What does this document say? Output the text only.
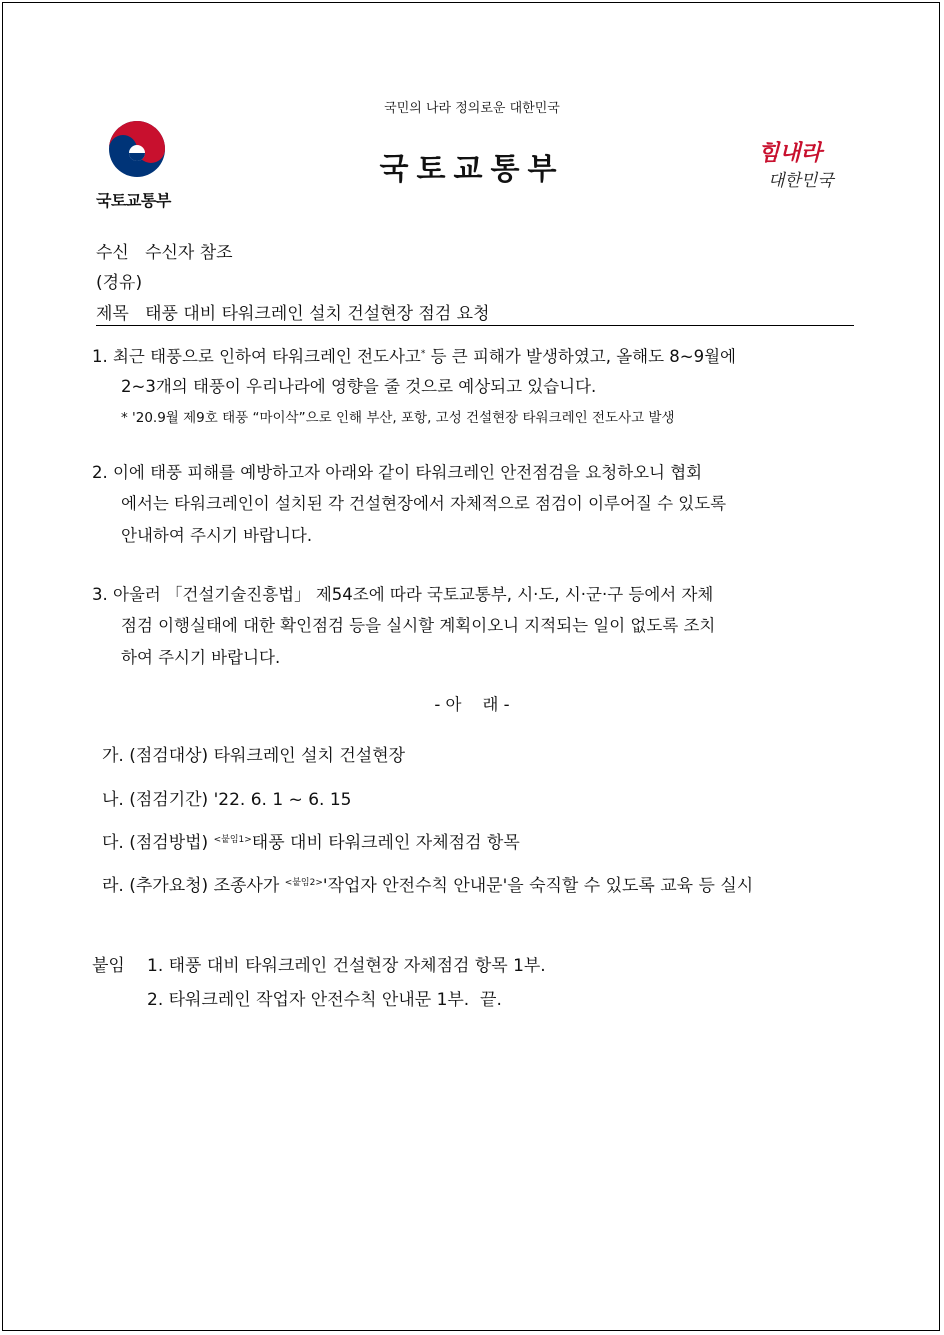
국민의 나라 정의로운 대한민국
국토교통부
국토교통부
힘내라
대한민국
수신 수신자 참조
(경유)
제목 태풍 대비 타워크레인 설치 건설현장 점검 요청
1. 최근 태풍으로 인하여 타워크레인 전도사고* 등 큰 피해가 발생하였고, 올해도 8~9월에
2~3개의 태풍이 우리나라에 영향을 줄 것으로 예상되고 있습니다.
* '20.9월 제9호 태풍 “마이삭”으로 인해 부산, 포항, 고성 건설현장 타워크레인 전도사고 발생
2. 이에 태풍 피해를 예방하고자 아래와 같이 타워크레인 안전점검을 요청하오니 협회
에서는 타워크레인이 설치된 각 건설현장에서 자체적으로 점검이 이루어질 수 있도록
안내하여 주시기 바랍니다.
3. 아울러 「건설기술진흥법」 제54조에 따라 국토교통부, 시·도, 시·군·구 등에서 자체
점검 이행실태에 대한 확인점검 등을 실시할 계획이오니 지적되는 일이 없도록 조치
하여 주시기 바랍니다.
- 아    래 -
가. (점검대상) 타워크레인 설치 건설현장
나. (점검기간) '22. 6. 1 ~ 6. 15
다. (점검방법) $^{<붙임1>}$태풍 대비 타워크레인 자체점검 항목
라. (추가요청) 조종사가 $^{<붙임2>}$'작업자 안전수칙 안내문'을 숙직할 수 있도록 교육 등 실시
붙임 1. 태풍 대비 타워크레인 건설현장 자체점검 항목 1부.
2. 타워크레인 작업자 안전수칙 안내문 1부. 끝.
